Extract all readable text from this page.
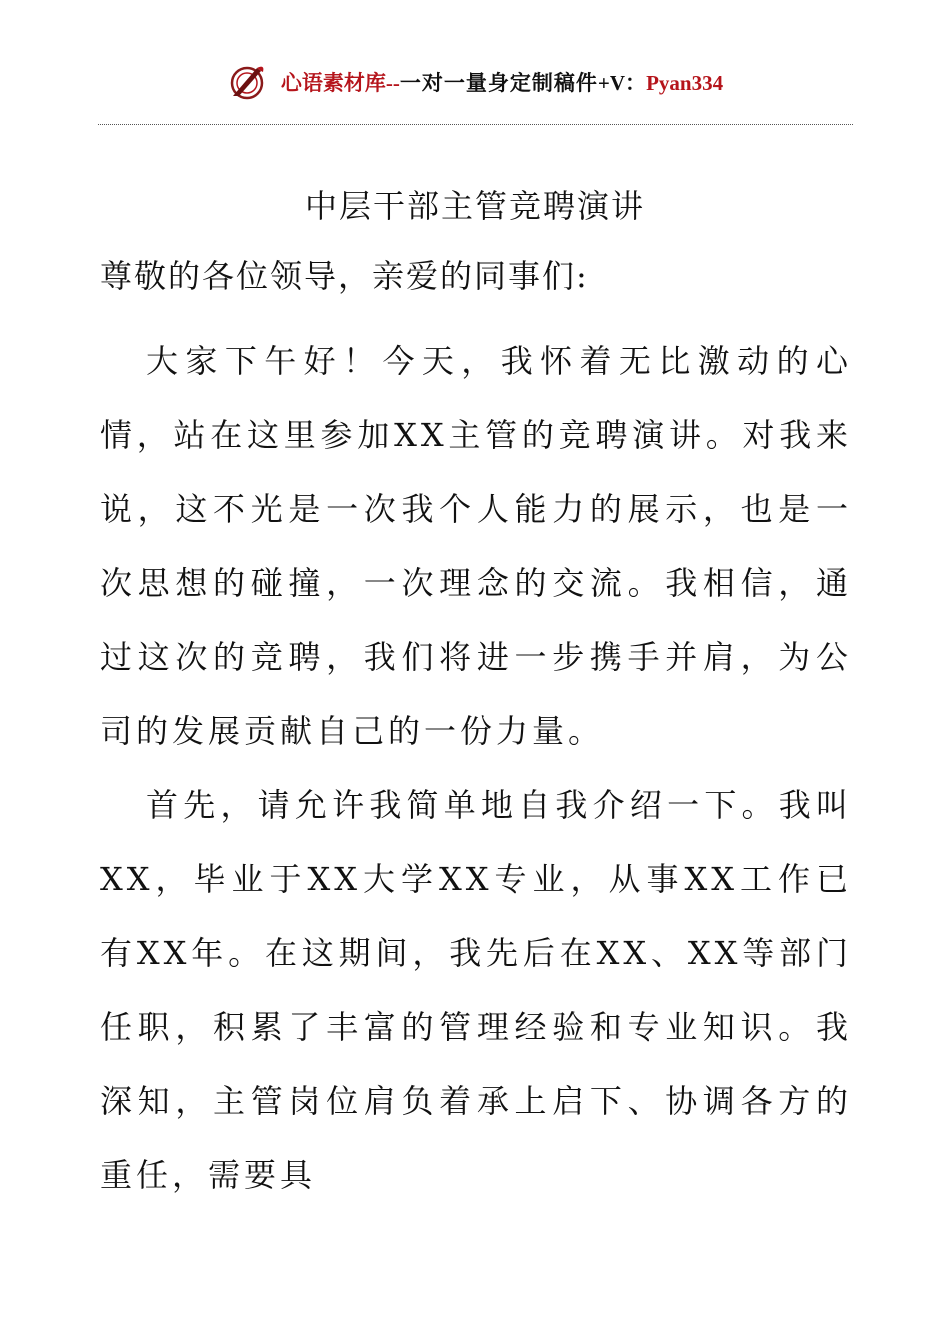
心语素材库--一对一量身定制稿件+V：Pyan334
中层干部主管竞聘演讲
尊敬的各位领导，亲爱的同事们:

大家下午好！今天，我怀着无比激动的心情，站在这里参加XX主管的竞聘演讲。对我来说，这不光是一次我个人能力的展示，也是一次思想的碰撞，一次理念的交流。我相信，通过这次的竞聘，我们将进一步携手并肩，为公司的发展贡献自己的一份力量。

首先，请允许我简单地自我介绍一下。我叫XX，毕业于XX大学XX专业，从事XX工作已有XX年。在这期间，我先后在XX、XX等部门任职，积累了丰富的管理经验和专业知识。我深知，主管岗位肩负着承上启下、协调各方的重任，需要具
